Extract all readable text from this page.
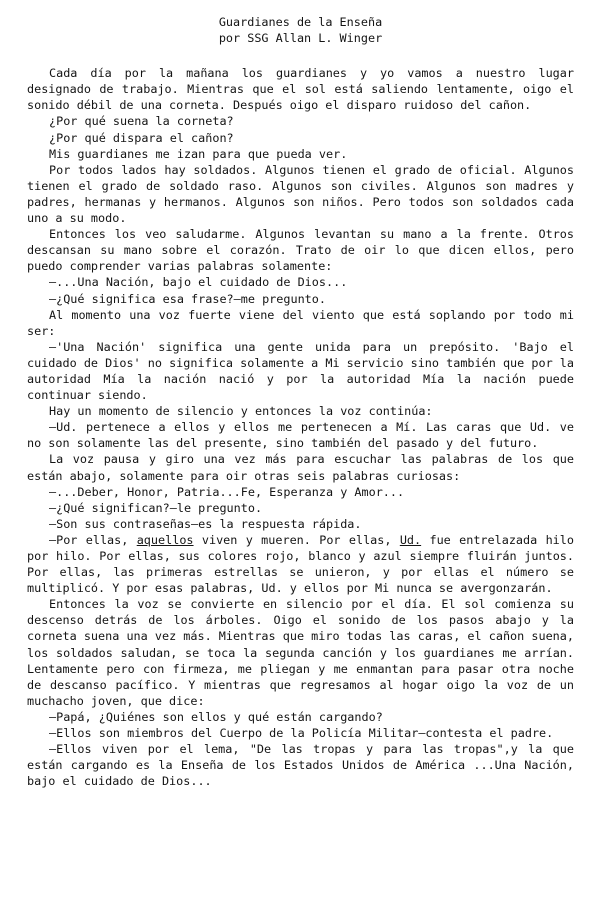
Guardianes de la Enseña

por SSG Allan L. Winger

Cada día por la mañana los guardianes y yo vamos a nuestro lugar designado de trabajo. Mientras que el sol está saliendo lentamente, oigo el sonido débil de una corneta. Después oigo el disparo ruidoso del cañon.

¿Por qué suena la corneta?

¿Por qué dispara el cañon?

Mis guardianes me izan para que pueda ver.

Por todos lados hay soldados. Algunos tienen el grado de oficial. Algunos tienen el grado de soldado raso. Algunos son civiles. Algunos son madres y padres, hermanas y hermanos. Algunos son niños. Pero todos son soldados cada uno a su modo.

Entonces los veo saludarme. Algunos levantan su mano a la frente. Otros descansan su mano sobre el corazón. Trato de oir lo que dicen ellos, pero puedo comprender varias palabras solamente:

—...Una Nación, bajo el cuidado de Dios...

—¿Qué significa esa frase?—me pregunto.

Al momento una voz fuerte viene del viento que está soplando por todo mi ser:

—'Una Nación' significa una gente unida para un prepósito. 'Bajo el cuidado de Dios' no significa solamente a Mi servicio sino también que por la autoridad Mía la nación nació y por la autoridad Mía la nación puede continuar siendo.

Hay un momento de silencio y entonces la voz continúa:

—Ud. pertenece a ellos y ellos me pertenecen a Mí. Las caras que Ud. ve no son solamente las del presente, sino también del pasado y del futuro.

La voz pausa y giro una vez más para escuchar las palabras de los que están abajo, solamente para oir otras seis palabras curiosas:

—...Deber, Honor, Patria...Fe, Esperanza y Amor...

—¿Qué significan?—le pregunto.

—Son sus contraseñas—es la respuesta rápida.

—Por ellas, aquellos viven y mueren. Por ellas, Ud. fue entrelazada hilo por hilo. Por ellas, sus colores rojo, blanco y azul siempre fluirán juntos. Por ellas, las primeras estrellas se unieron, y por ellas el número se multiplicó. Y por esas palabras, Ud. y ellos por Mi nunca se avergonzarán.

Entonces la voz se convierte en silencio por el día. El sol comienza su descenso detrás de los árboles. Oigo el sonido de los pasos abajo y la corneta suena una vez más. Mientras que miro todas las caras, el cañon suena, los soldados saludan, se toca la segunda canción y los guardianes me arrían. Lentamente pero con firmeza, me pliegan y me enmantan para pasar otra noche de descanso pacífico. Y mientras que regresamos al hogar oigo la voz de un muchacho joven, que dice:

—Papá, ¿Quiénes son ellos y qué están cargando?

—Ellos son miembros del Cuerpo de la Policía Militar—contesta el padre.

—Ellos viven por el lema, "De las tropas y para las tropas",y la que están cargando es la Enseña de los Estados Unidos de América ...Una Nación, bajo el cuidado de Dios...
